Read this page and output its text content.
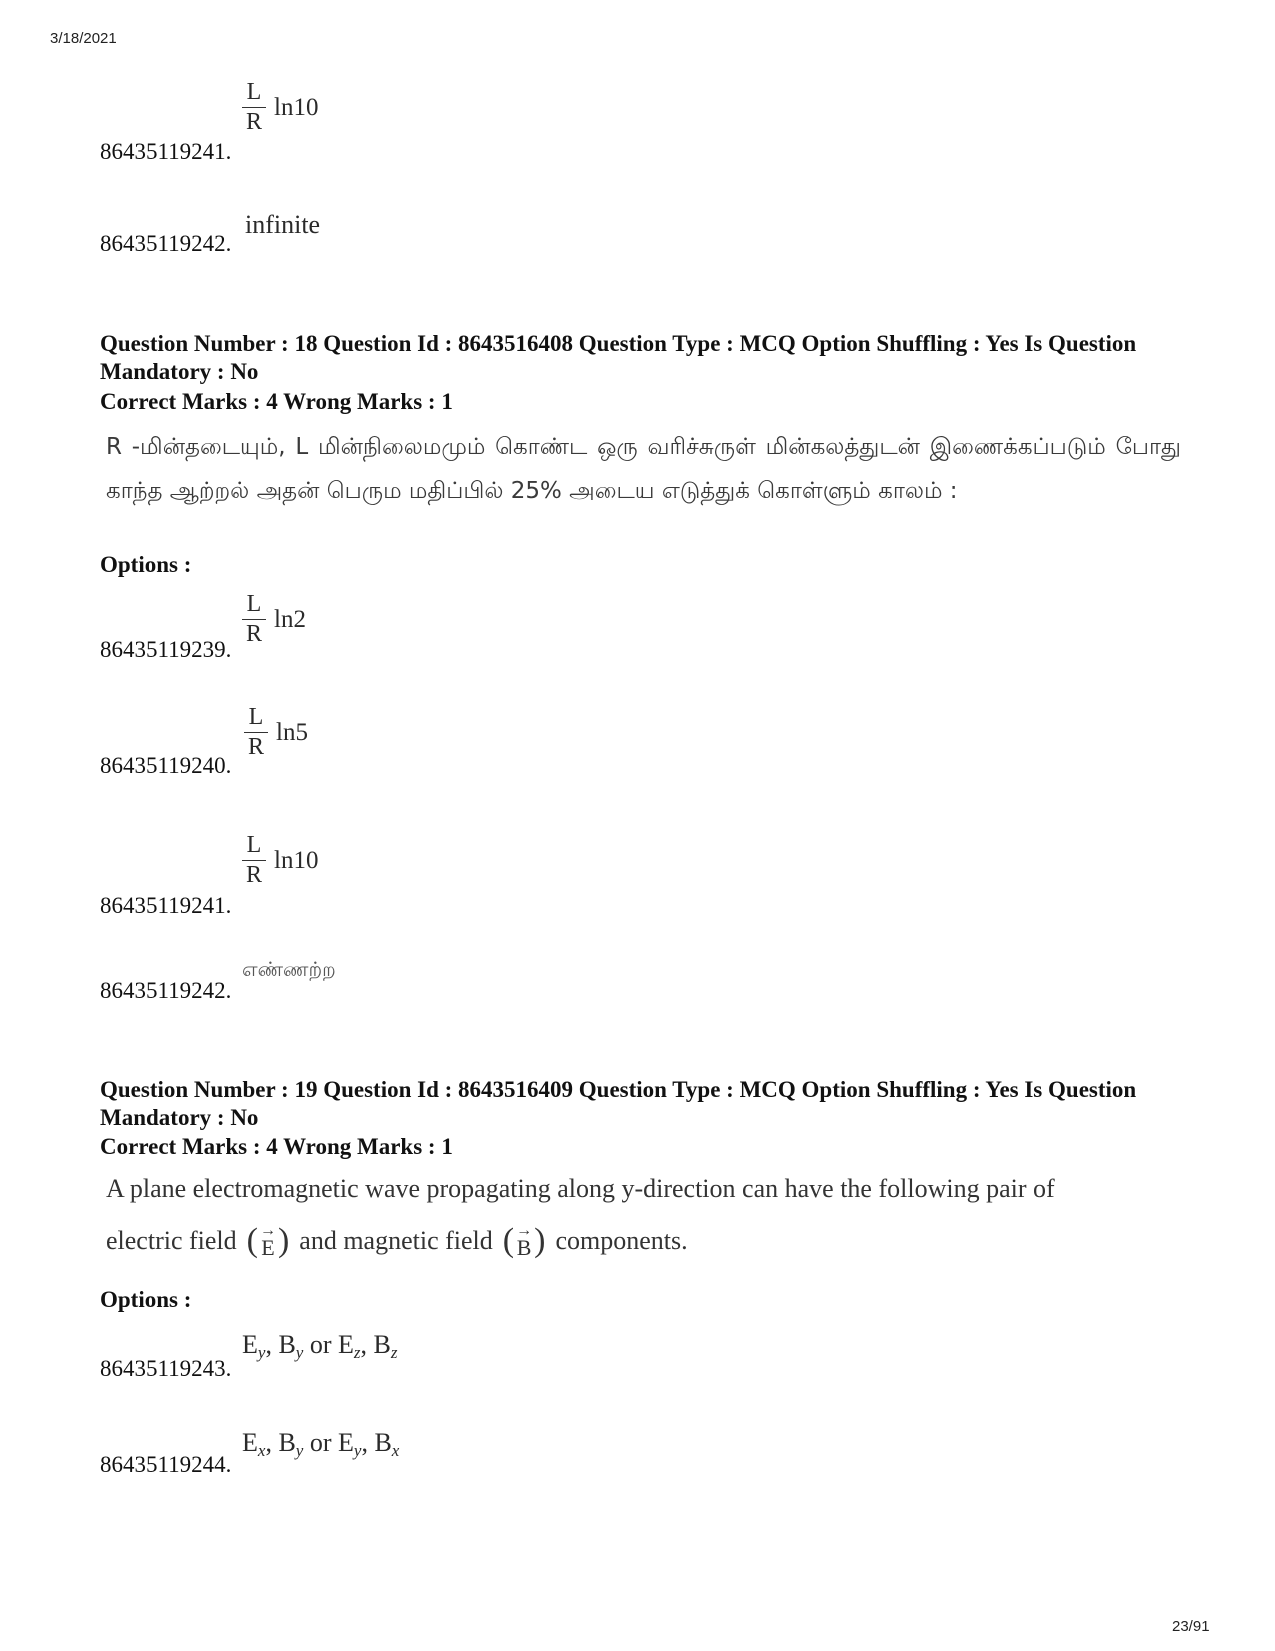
3/18/2021
$\frac{L}{R} \ln 10$
86435119241.
infinite
86435119242.
Question Number : 18 Question Id : 8643516408 Question Type : MCQ Option Shuffling : Yes Is Question Mandatory : No
Correct Marks : 4 Wrong Marks : 1
R -மின்தடையும், L மின்நிலைமமும் கொண்ட ஒரு வரிச்சுருள் மின்கலத்துடன் இணைக்கப்படும் போது காந்த ஆற்றல் அதன் பெரும மதிப்பில் 25% அடைய எடுத்துக் கொள்ளும் காலம் :
Options :
$\frac{L}{R} \ln 2$
86435119239.
$\frac{L}{R} \ln 5$
86435119240.
$\frac{L}{R} \ln 10$
86435119241.
எண்ணற்ற
86435119242.
Question Number : 19 Question Id : 8643516409 Question Type : MCQ Option Shuffling : Yes Is Question Mandatory : No
Correct Marks : 4 Wrong Marks : 1
A plane electromagnetic wave propagating along y-direction can have the following pair of
electric field ( →
E ) and magnetic field ( →
B ) components.
Options :
$E_y$, $B_y$ or $E_z$, $B_z$
86435119243.
$E_x$, $B_y$ or $E_y$, $B_x$
86435119244.
23/91
